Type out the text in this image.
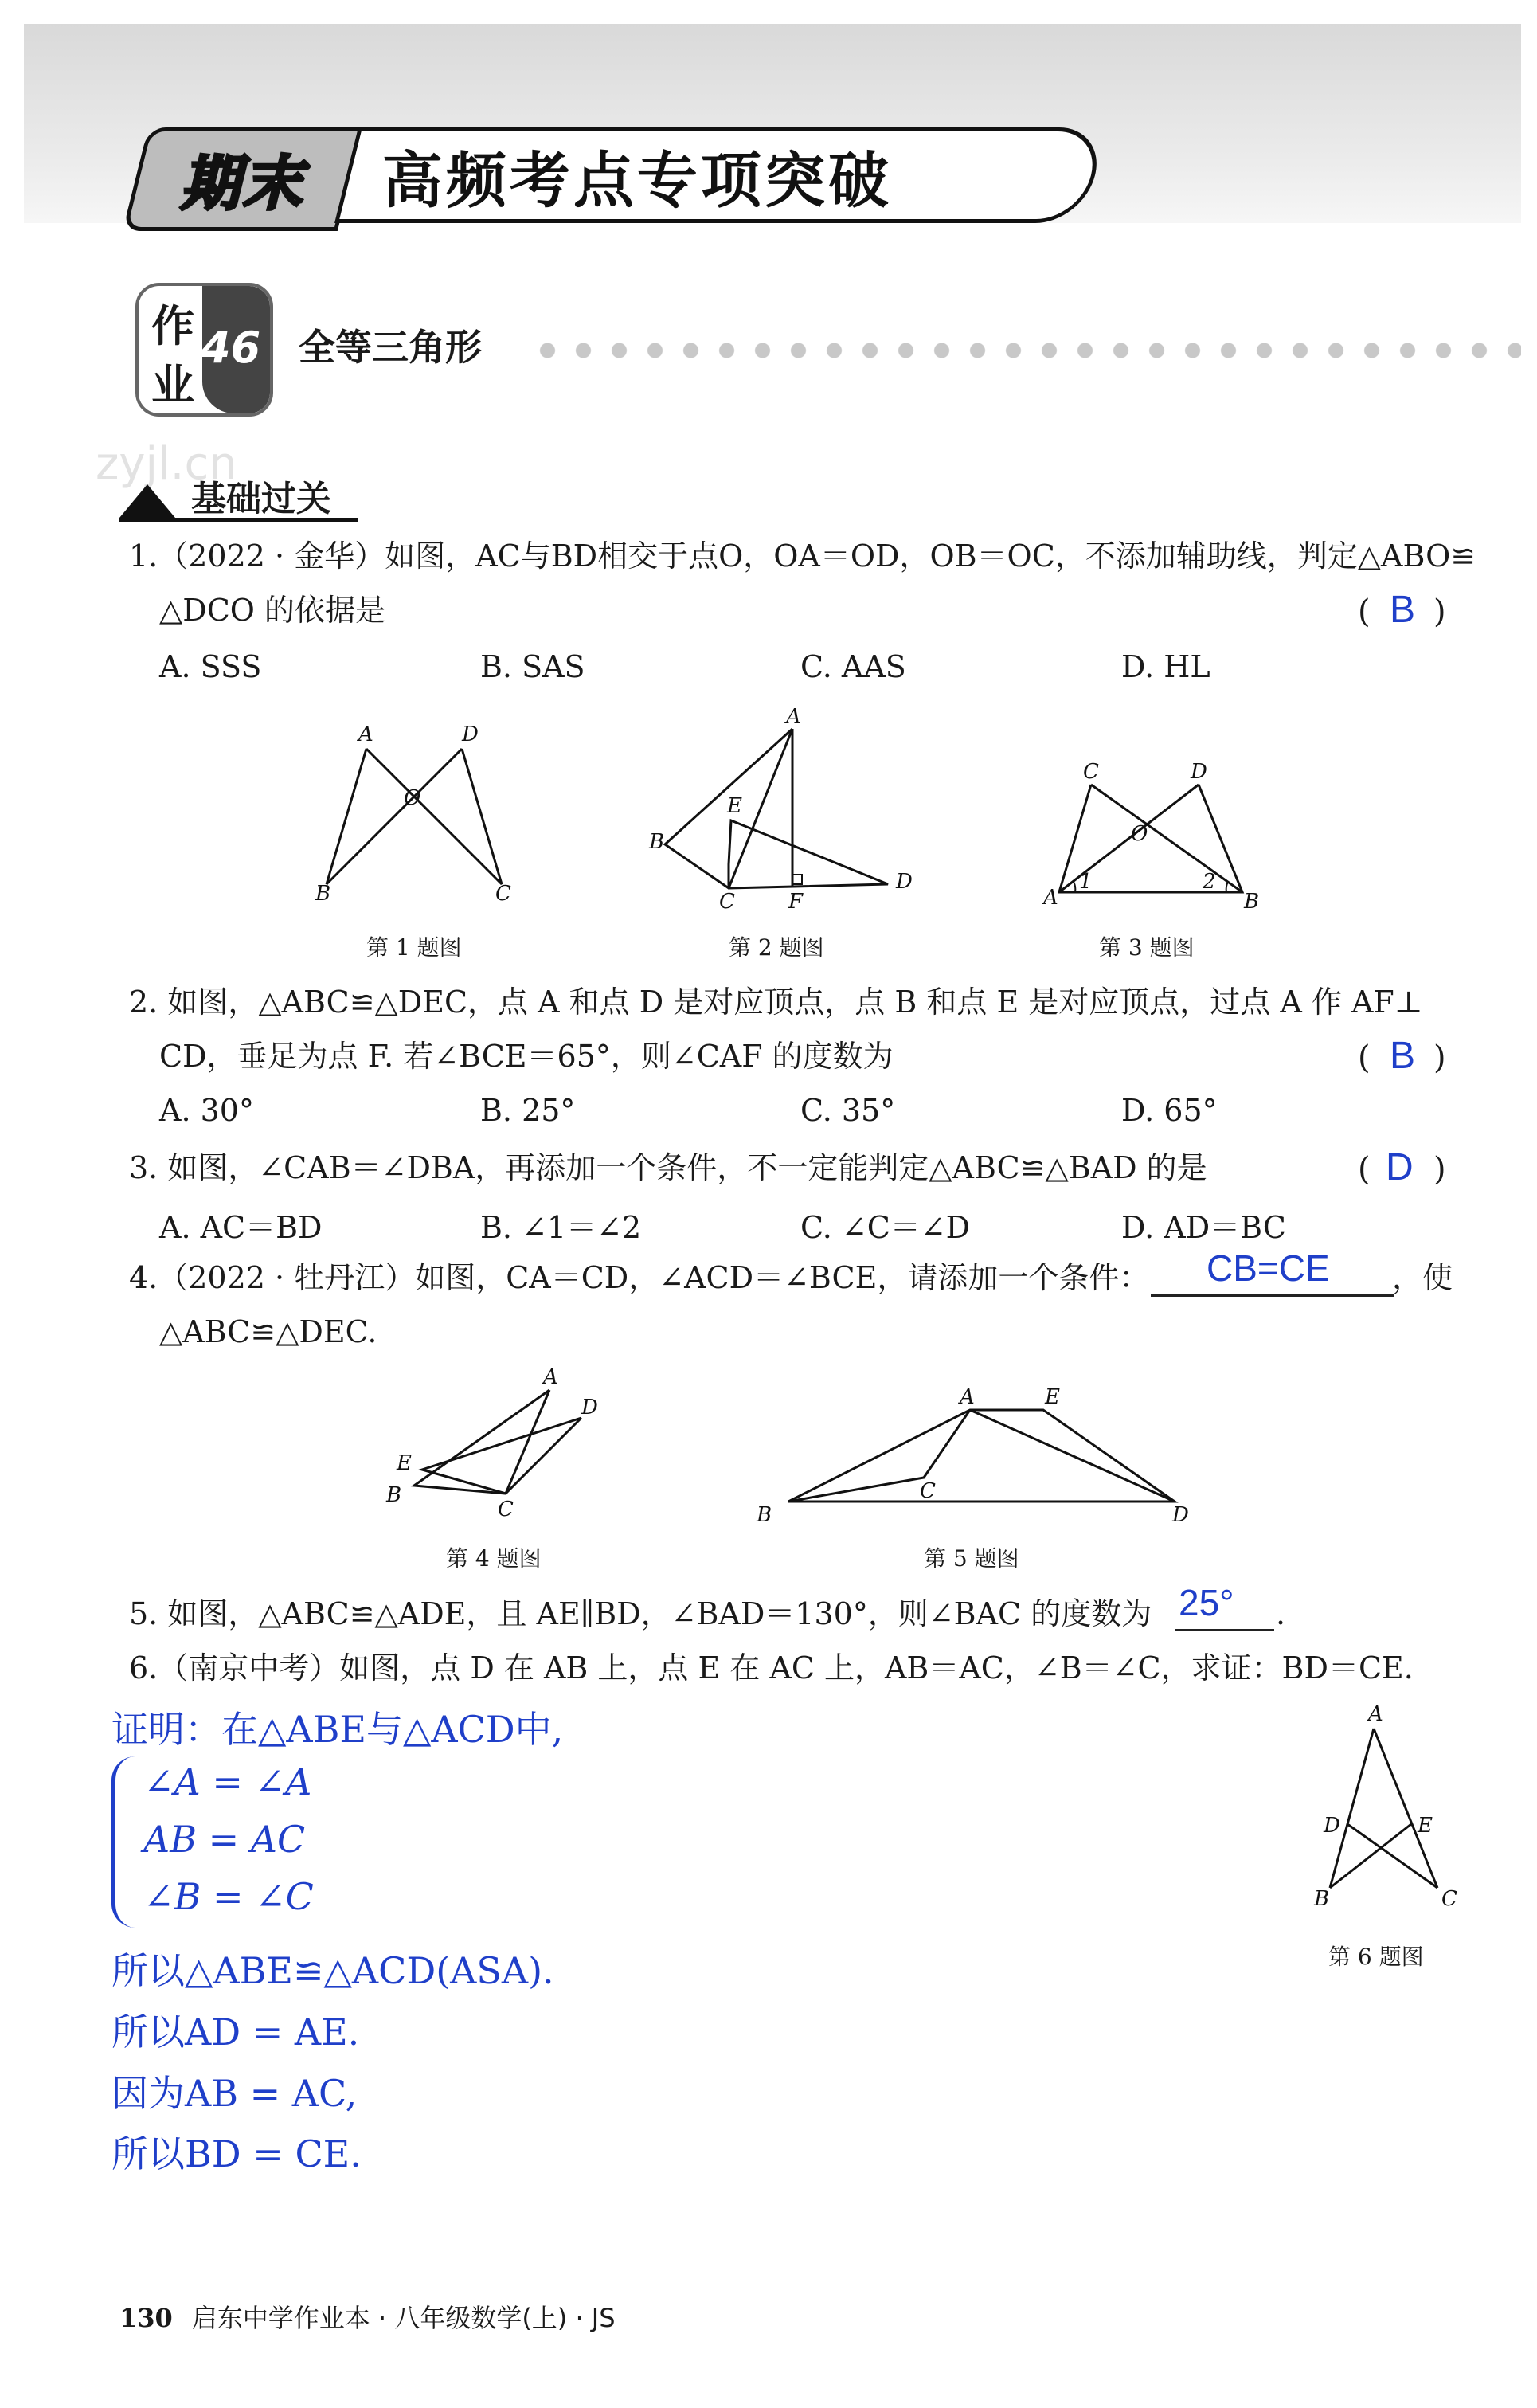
期末 高频考点专项突破
作
业
46 全等三角形
zyjl.cn
基础过关
1.（2022 · 金华）如图，AC与BD相交于点O，OA＝OD，OB＝OC，不添加辅助线，判定△ABO≌
△DCO 的依据是	( B )
A. SSS	B. SAS	C. AAS	D. HL
A	D
O
B	C
第 1 题图
A
B
E
C	F
D
第 2 题图
C	D
O
A
1	2
B
第 3 题图
2. 如图，△ABC≌△DEC，点 A 和点 D 是对应顶点，点 B 和点 E 是对应顶点，过点 A 作 AF⊥
CD，垂足为点 F. 若∠BCE＝65°，则∠CAF 的度数为	( B )
A. 30°	B. 25°	C. 35°	D. 65°
3. 如图，∠CAB＝∠DBA，再添加一个条件，不一定能判定△ABC≌△BAD 的是	( D )
A. AC＝BD	B. ∠1＝∠2	C. ∠C＝∠D	D. AD＝BC
4.（2022 · 牡丹江）如图，CA＝CD，∠ACD＝∠BCE，请添加一个条件： CB=CE ，使
△ABC≌△DEC.
A
D
E
B
C
第 4 题图
A	E
C
B	D
第 5 题图
5. 如图，△ABC≌△ADE，且 AE∥BD，∠BAD＝130°，则∠BAC 的度数为 25° .
6.（南京中考）如图，点 D 在 AB 上，点 E 在 AC 上，AB＝AC，∠B＝∠C，求证：BD＝CE.
A
D	E
B	C
第 6 题图
证明：在△ABE与△ACD中,
∠A = ∠A
AB = AC
∠B = ∠C
所以△ABE≌△ACD(ASA).
所以AD = AE.
因为AB = AC,
所以BD = CE.
130 启东中学作业本 · 八年级数学(上) · JS
